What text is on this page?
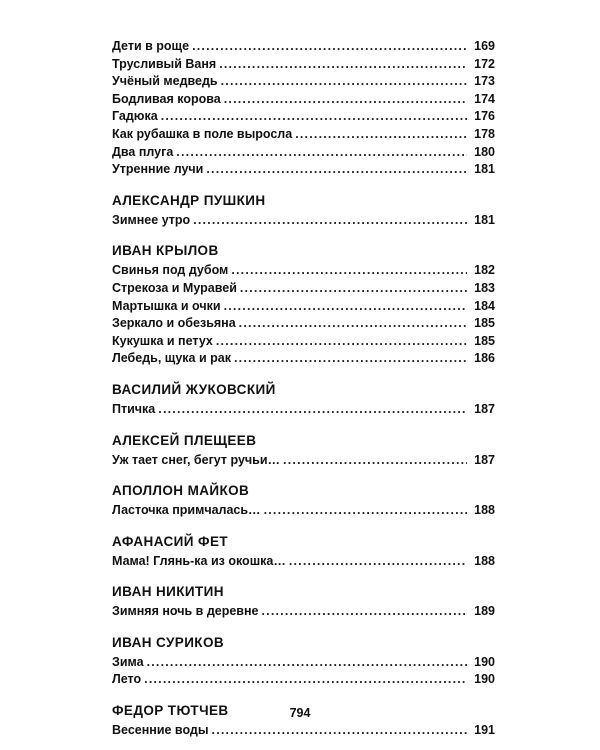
Дети в роще .....	169
Трусливый Ваня .....	172
Учёный медведь .....	173
Бодливая корова .....	174
Гадюка .....	176
Как рубашка в поле выросла .....	178
Два плуга .....	180
Утренние лучи .....	181
АЛЕКСАНДР ПУШКИН
Зимнее утро .....	181
ИВАН КРЫЛОВ
Свинья под дубом .....	182
Стрекоза и Муравей .....	183
Мартышка и очки .....	184
Зеркало и обезьяна .....	185
Кукушка и петух .....	185
Лебедь, щука и рак .....	186
ВАСИЛИЙ ЖУКОВСКИЙ
Птичка .....	187
АЛЕКСЕЙ ПЛЕЩЕЕВ
Уж тает снег, бегут ручьи… .....	187
АПОЛЛОН МАЙКОВ
Ласточка примчалась… .....	188
АФАНАСИЙ ФЕТ
Мама! Глянь-ка из окошка… .....	188
ИВАН НИКИТИН
Зимняя ночь в деревне .....	189
ИВАН СУРИКОВ
Зима .....	190
Лето .....	190
ФЕДОР ТЮТЧЕВ
Весенние воды .....	191
794
